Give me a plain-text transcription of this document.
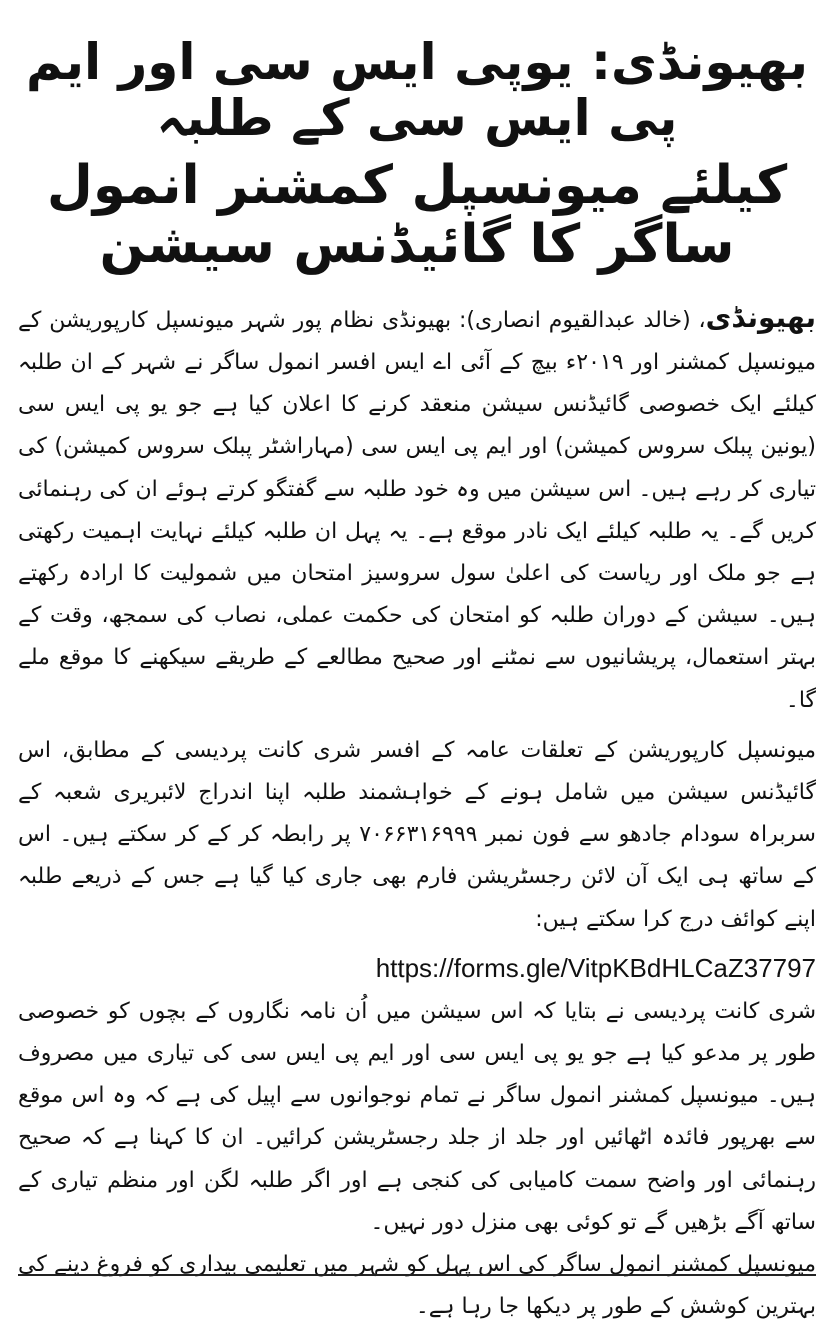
بھیونڈی: یوپی ایس سی اور ایم پی ایس سی کے طلبہ
کیلئے میونسپل کمشنر انمول ساگر کا گائیڈنس سیشن

بھیونڈی، (خالد عبدالقیوم انصاری): بھیونڈی نظام پور شہر میونسپل کارپوریشن کے میونسپل کمشنر اور ۲۰۱۹ء بیچ کے آئی اے ایس افسر انمول ساگر نے شہر کے ان طلبہ کیلئے ایک خصوصی گائیڈنس سیشن منعقد کرنے کا اعلان کیا ہے جو یو پی ایس سی (یونین پبلک سروس کمیشن) اور ایم پی ایس سی (مہاراشٹر پبلک سروس کمیشن) کی تیاری کر رہے ہیں۔ اس سیشن میں وہ خود طلبہ سے گفتگو کرتے ہوئے ان کی رہنمائی کریں گے۔ یہ طلبہ کیلئے ایک نادر موقع ہے۔ یہ پہل ان طلبہ کیلئے نہایت اہمیت رکھتی ہے جو ملک اور ریاست کی اعلیٰ سول سروسیز امتحان میں شمولیت کا ارادہ رکھتے ہیں۔ سیشن کے دوران طلبہ کو امتحان کی حکمت عملی، نصاب کی سمجھ، وقت کے بہتر استعمال، پریشانیوں سے نمٹنے اور صحیح مطالعے کے طریقے سیکھنے کا موقع ملے گا۔

میونسپل کارپوریشن کے تعلقات عامہ کے افسر شری کانت پردیسی کے مطابق، اس گائیڈنس سیشن میں شامل ہونے کے خواہشمند طلبہ اپنا اندراج لائبریری شعبہ کے سربراہ سودام جادھو سے فون نمبر ۷۰۶۶۳۱۶۹۹۹ پر رابطہ کر کے کر سکتے ہیں۔ اس کے ساتھ ہی ایک آن لائن رجسٹریشن فارم بھی جاری کیا گیا ہے جس کے ذریعے طلبہ اپنے کوائف درج کرا سکتے ہیں:

https://forms.gle/VitpKBdHLCaZ37797

شری کانت پردیسی نے بتایا کہ اس سیشن میں اُن نامہ نگاروں کے بچوں کو خصوصی طور پر مدعو کیا ہے جو یو پی ایس سی اور ایم پی ایس سی کی تیاری میں مصروف ہیں۔ میونسپل کمشنر انمول ساگر نے تمام نوجوانوں سے اپیل کی ہے کہ وہ اس موقع سے بھرپور فائدہ اٹھائیں اور جلد از جلد رجسٹریشن کرائیں۔ ان کا کہنا ہے کہ صحیح رہنمائی اور واضح سمت کامیابی کی کنجی ہے اور اگر طلبہ لگن اور منظم تیاری کے ساتھ آگے بڑھیں گے تو کوئی بھی منزل دور نہیں۔

میونسپل کمشنر انمول ساگر کی اس پہل کو شہر میں تعلیمی بیداری کو فروغ دینے کی بہترین کوشش کے طور پر دیکھا جا رہا ہے۔
